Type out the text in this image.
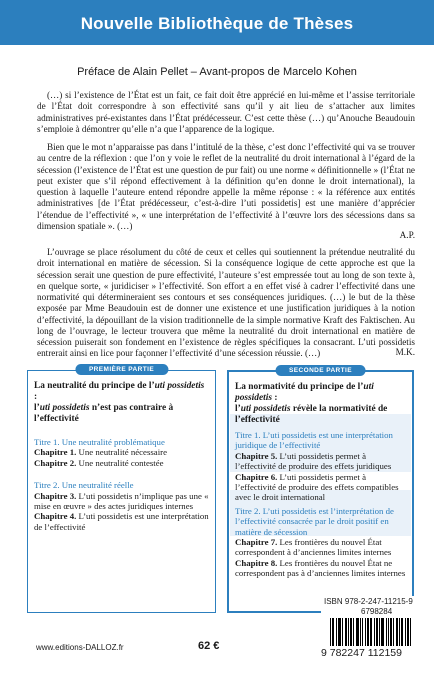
Nouvelle Bibliothèque de Thèses
Préface de Alain Pellet – Avant-propos de Marcelo Kohen

(…) si l’existence de l’État est un fait, ce fait doit être apprécié en lui-même et l’assise territoriale de l’État doit correspondre à son effectivité sans qu’il y ait lieu de s’attacher aux limites administratives pré-existantes dans l’État prédécesseur. C’est cette thèse (…) qu’Anouche Beaudouin s’emploie à démontrer qu’elle n’a que l’apparence de la logique.

Bien que le mot n’apparaisse pas dans l’intitulé de la thèse, c’est donc l’effectivité qui va se trouver au centre de la réflexion : que l’on y voie le reflet de la neutralité du droit international à l’égard de la sécession (l’existence de l’État est une question de pur fait) ou une norme « définitionnelle » (l’État ne peut exister que s’il répond effectivement à la définition qu’en donne le droit international), la question à laquelle l’auteure entend répondre appelle la même réponse : « la référence aux entités administratives [de l’État prédécesseur, c’est-à-dire l’uti possidetis] est une manière d’apprécier l’étendue de l’effectivité », « une interprétation de l’effectivité à l’œuvre lors des sécessions dans sa dimension spatiale ». (…)

A.P.

L’ouvrage se place résolument du côté de ceux et celles qui soutiennent la prétendue neutralité du droit international en matière de sécession. Si la conséquence logique de cette approche est que la sécession serait une question de pure effectivité, l’auteure s’est empressée tout au long de son texte à, en quelque sorte, « juridiciser » l’effectivité. Son effort a en effet visé à cadrer l’effectivité dans une normativité qui détermineraient ses contours et ses conséquences juridiques. (…) le but de la thèse exposée par Mme Beaudouin est de donner une existence et une justification juridiques à la notion d’effectivité, la dépouillant de la vision traditionnelle de la simple normative Kraft des Faktischen. Au long de l’ouvrage, le lecteur trouvera que même la neutralité du droit international en matière de sécession puiserait son fondement en l’existence de règles spécifiques la consacrant. L’uti possidetis entrerait ainsi en lice pour façonner l’effectivité d’une sécession réussie. (…)	M.K.
PREMIÈRE PARTIE
La neutralité du principe de l’uti possidetis :
l’uti possidetis n’est pas contraire à l’effectivité
Titre 1. Une neutralité problématique
Chapitre 1. Une neutralité nécessaire
Chapitre 2. Une neutralité contestée
Titre 2. Une neutralité réelle
Chapitre 3. L’uti possidetis n’implique pas une « mise en œuvre » des actes juridiques internes
Chapitre 4. L’uti possidetis est une interprétation de l’effectivité
SECONDE PARTIE
La normativité du principe de l’uti possidetis :
l’uti possidetis révèle la normativité de l’effectivité
Titre 1. L’uti possidetis est une interprétation juridique de l’effectivité
Chapitre 5. L’uti possidetis permet à l’effectivité de produire des effets juridiques
Chapitre 6. L’uti possidetis permet à l’effectivité de produire des effets compatibles avec le droit international
Titre 2. L’uti possidetis est l’interprétation de l’effectivité consacrée par le droit positif en matière de sécession
Chapitre 7. Les frontières du nouvel État correspondent à d’anciennes limites internes
Chapitre 8. Les frontières du nouvel État ne correspondent pas à d’anciennes limites internes
ISBN 978-2-247-11215-9
6798284
9 782247 112159
www.editions-DALLOZ.fr	62 €
